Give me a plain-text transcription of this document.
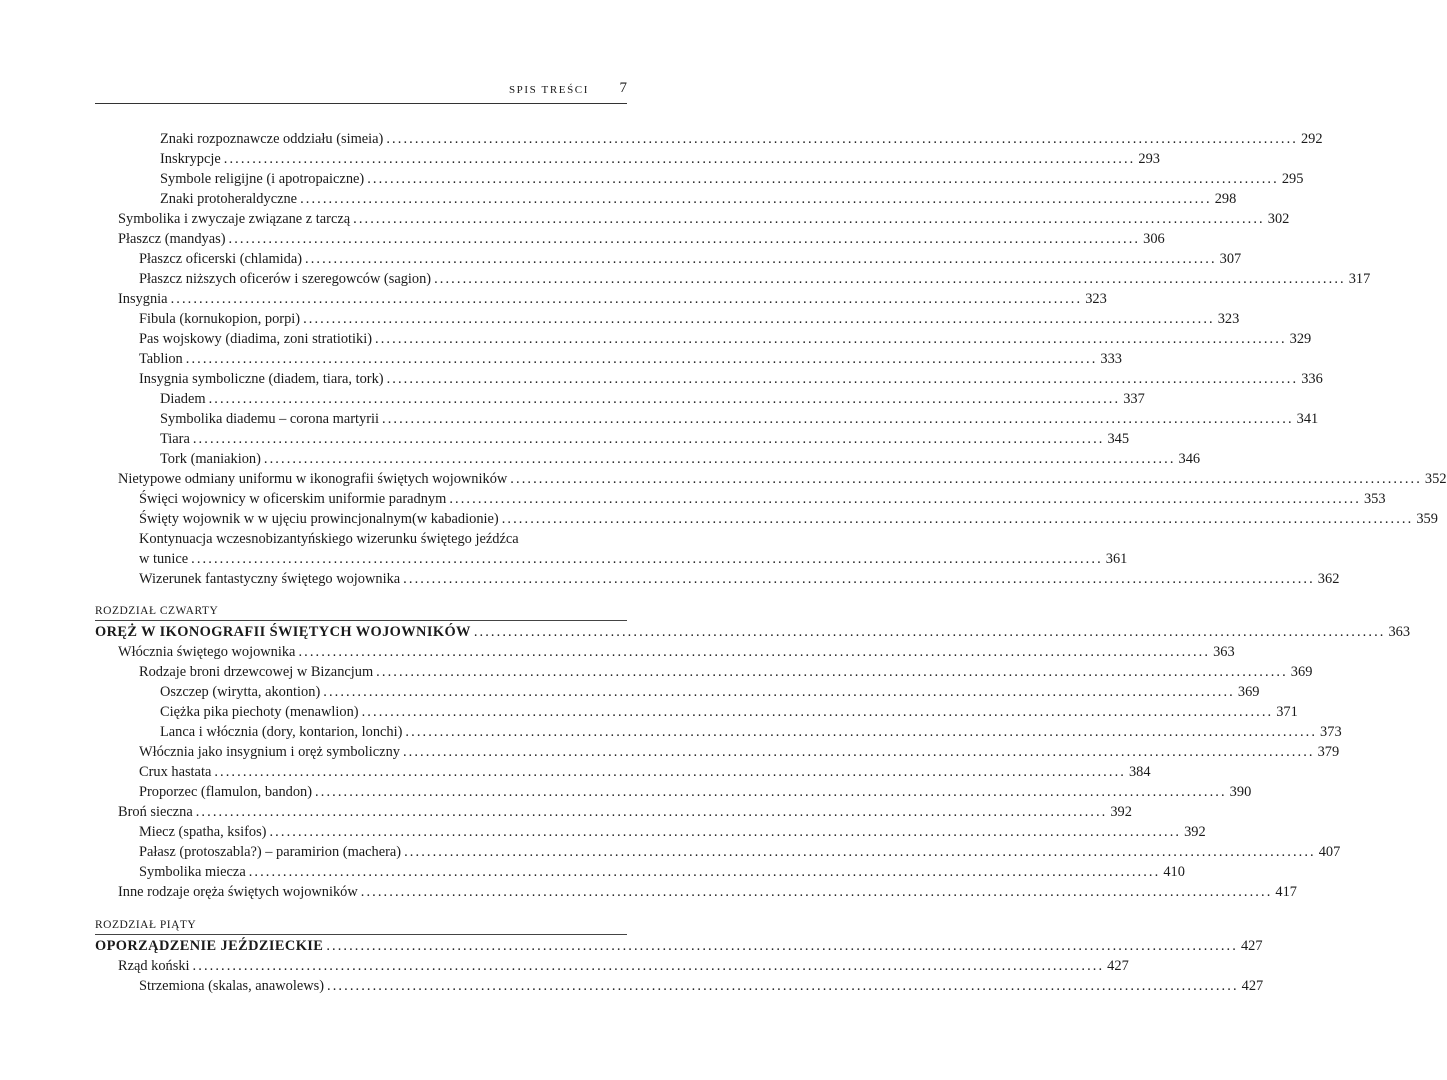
SPIS TREŚCI 7
Znaki rozpoznawcze oddziału (simeia) ................................................................................................................................................................ 292
Inskrypcje ................................................................................................................................................................ 293
Symbole religijne (i apotropaiczne) ................................................................................................................................................................ 295
Znaki protoheraldyczne ................................................................................................................................................................ 298
Symbolika i zwyczaje związane z tarczą ................................................................................................................................................................ 302
Płaszcz (mandyas) ................................................................................................................................................................ 306
Płaszcz oficerski (chlamida) ................................................................................................................................................................ 307
Płaszcz niższych oficerów i szeregowców (sagion) ................................................................................................................................................................ 317
Insygnia ................................................................................................................................................................ 323
Fibula (kornukopion, porpi) ................................................................................................................................................................ 323
Pas wojskowy (diadima, zoni stratiotiki) ................................................................................................................................................................ 329
Tablion ................................................................................................................................................................ 333
Insygnia symboliczne (diadem, tiara, tork) ................................................................................................................................................................ 336
Diadem ................................................................................................................................................................ 337
Symbolika diademu – corona martyrii ................................................................................................................................................................ 341
Tiara ................................................................................................................................................................ 345
Tork (maniakion) ................................................................................................................................................................ 346
Nietypowe odmiany uniformu w ikonografii świętych wojowników ................................................................................................................................................................ 352
Święci wojownicy w oficerskim uniformie paradnym ................................................................................................................................................................ 353
Święty wojownik w w ujęciu prowincjonalnym(w kabadionie) ................................................................................................................................................................ 359
Kontynuacja wczesnobizantyńskiego wizerunku świętego jeźdźca
w tunice ................................................................................................................................................................ 361
Wizerunek fantastyczny świętego wojownika ................................................................................................................................................................ 362
ROZDZIAŁ CZWARTY
ORĘŻ W IKONOGRAFII ŚWIĘTYCH WOJOWNIKÓW ................................................................................................................................................................ 363
Włócznia świętego wojownika ................................................................................................................................................................ 363
Rodzaje broni drzewcowej w Bizancjum ................................................................................................................................................................ 369
Oszczep (wirytta, akontion) ................................................................................................................................................................ 369
Ciężka pika piechoty (menawlion) ................................................................................................................................................................ 371
Lanca i włócznia (dory, kontarion, lonchi) ................................................................................................................................................................ 373
Włócznia jako insygnium i oręż symboliczny ................................................................................................................................................................ 379
Crux hastata ................................................................................................................................................................ 384
Proporzec (flamulon, bandon) ................................................................................................................................................................ 390
Broń sieczna ................................................................................................................................................................ 392
Miecz (spatha, ksifos) ................................................................................................................................................................ 392
Pałasz (protoszabla?) – paramirion (machera) ................................................................................................................................................................ 407
Symbolika miecza ................................................................................................................................................................ 410
Inne rodzaje oręża świętych wojowników ................................................................................................................................................................ 417
ROZDZIAŁ PIĄTY
OPORZĄDZENIE JEŹDZIECKIE ................................................................................................................................................................ 427
Rząd koński ................................................................................................................................................................ 427
Strzemiona (skalas, anawolews) ................................................................................................................................................................ 427
